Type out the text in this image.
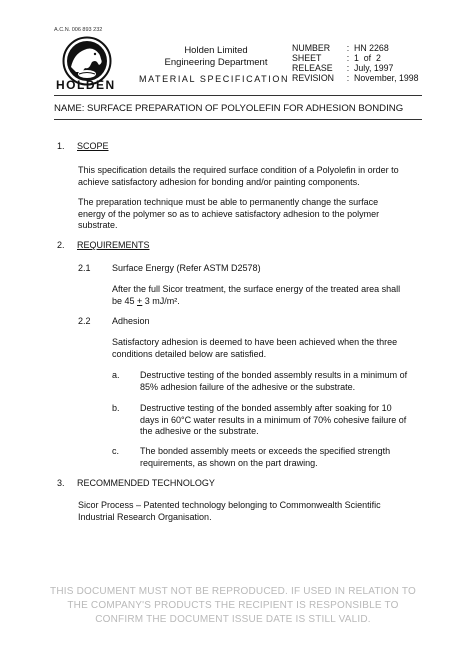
A.C.N. 006 893 232
HOLDEN
Holden Limited
Engineering Department
MATERIAL SPECIFICATION
NUMBER	: HN 2268
SHEET	: 1  of  2
RELEASE	: July, 1997
REVISION	: November, 1998
NAME: SURFACE PREPARATION OF POLYOLEFIN FOR ADHESION BONDING
1. SCOPE
This specification details the required surface condition of a Polyolefin in order to
achieve satisfactory adhesion for bonding and/or painting components.
The preparation technique must be able to permanently change the surface
energy of the polymer so as to achieve satisfactory adhesion to the polymer
substrate.
2. REQUIREMENTS
2.1 Surface Energy (Refer ASTM D2578)
After the full Sicor treatment, the surface energy of the treated area shall
be 45 + 3 mJ/m².
2.2 Adhesion
Satisfactory adhesion is deemed to have been achieved when the three
conditions detailed below are satisfied.
a. Destructive testing of the bonded assembly results in a minimum of
85% adhesion failure of the adhesive or the substrate.
b. Destructive testing of the bonded assembly after soaking for 10
days in 60°C water results in a minimum of 70% cohesive failure of
the adhesive or the substrate.
c. The bonded assembly meets or exceeds the specified strength
requirements, as shown on the part drawing.
3. RECOMMENDED TECHNOLOGY
Sicor Process – Patented technology belonging to Commonwealth Scientific
Industrial Research Organisation.
THIS DOCUMENT MUST NOT BE REPRODUCED. IF USED IN RELATION TO
THE COMPANY'S PRODUCTS THE RECIPIENT IS RESPONSIBLE TO
CONFIRM THE DOCUMENT ISSUE DATE IS STILL VALID.
